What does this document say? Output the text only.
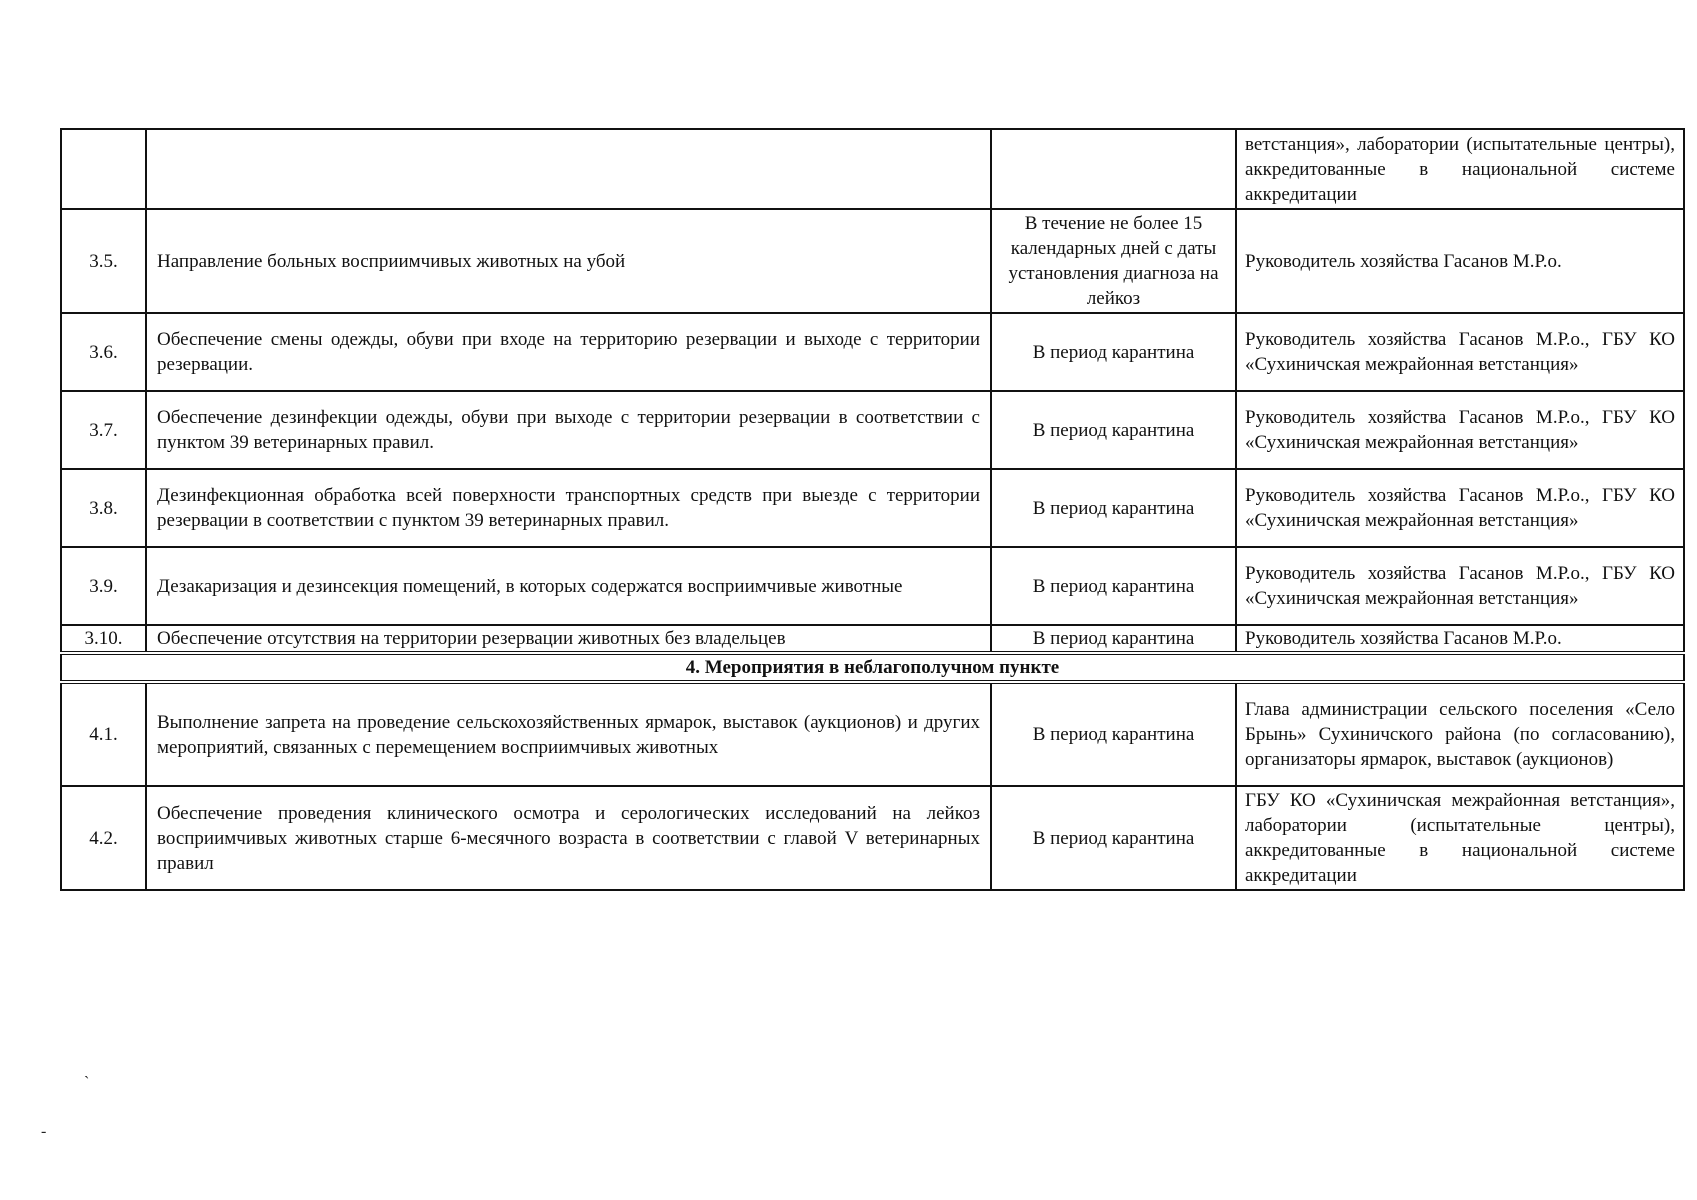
			ветстанция», лаборатории (испытательные центры), аккредитованные в национальной системе аккредитации
3.5.	Направление больных восприимчивых животных на убой	В течение не более 15 календарных дней с даты установления диагноза на лейкоз	Руководитель хозяйства Гасанов М.Р.о.
3.6.	Обеспечение смены одежды, обуви при входе на территорию резервации и выходе с территории резервации.	В период карантина	Руководитель хозяйства Гасанов М.Р.о., ГБУ КО «Сухиничская межрайонная ветстанция»
3.7.	Обеспечение дезинфекции одежды, обуви при выходе с территории резервации в соответствии с пунктом 39 ветеринарных правил.	В период карантина	Руководитель хозяйства Гасанов М.Р.о., ГБУ КО «Сухиничская межрайонная ветстанция»
3.8.	Дезинфекционная обработка всей поверхности транспортных средств при выезде с территории резервации в соответствии с пунктом 39 ветеринарных правил.	В период карантина	Руководитель хозяйства Гасанов М.Р.о., ГБУ КО «Сухиничская межрайонная ветстанция»
3.9.	Дезакаризация и дезинсекция помещений, в которых содержатся восприимчивые животные	В период карантина	Руководитель хозяйства Гасанов М.Р.о., ГБУ КО «Сухиничская межрайонная ветстанция»
3.10.	Обеспечение отсутствия на территории резервации животных без владельцев	В период карантина	Руководитель хозяйства Гасанов М.Р.о.
4. Мероприятия в неблагополучном пункте			
4.1.	Выполнение запрета на проведение сельскохозяйственных ярмарок, выставок (аукционов) и других мероприятий, связанных с перемещением восприимчивых животных	В период карантина	Глава администрации сельского поселения «Село Брынь» Сухиничского района (по согласованию), организаторы ярмарок, выставок (аукционов)
4.2.	Обеспечение проведения клинического осмотра и серологических исследований на лейкоз восприимчивых животных старше 6-месячного возраста в соответствии с главой V ветеринарных правил	В период карантина	ГБУ КО «Сухиничская межрайонная ветстанция», лаборатории (испытательные центры), аккредитованные в национальной системе аккредитации
`
-
